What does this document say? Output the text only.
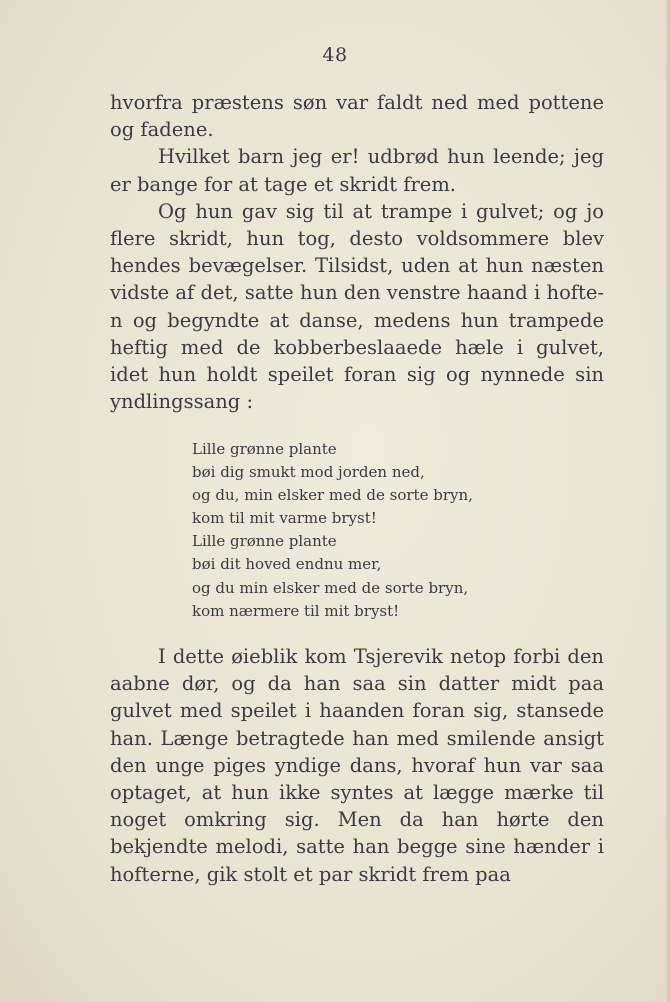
48

hvorfra præstens søn var faldt ned med pottene og fadene.

Hvilket barn jeg er! udbrød hun leende; jeg er bange for at tage et skridt frem.

Og hun gav sig til at trampe i gulvet; og jo flere skridt, hun tog, desto voldsommere blev hendes bevægelser. Tilsidst, uden at hun næsten vidste af det, satte hun den venstre haand i hoften og begyndte at danse, medens hun trampede heftig med de kobberbeslaaede hæle i gulvet, idet hun holdt speilet foran sig og nynnede sin yndlingssang :

Lille grønne plante
bøi dig smukt mod jorden ned,
og du, min elsker med de sorte bryn,
kom til mit varme bryst!
Lille grønne plante
bøi dit hoved endnu mer,
og du min elsker med de sorte bryn,
kom nærmere til mit bryst!

I dette øieblik kom Tsjerevik netop forbi den aabne dør, og da han saa sin datter midt paa gulvet med speilet i haanden foran sig, stansede han. Længe betragtede han med smilende ansigt den unge piges yndige dans, hvoraf hun var saa optaget, at hun ikke syntes at lægge mærke til noget omkring sig. Men da han hørte den bekjendte melodi, satte han begge sine hænder i hofterne, gik stolt et par skridt frem paa
